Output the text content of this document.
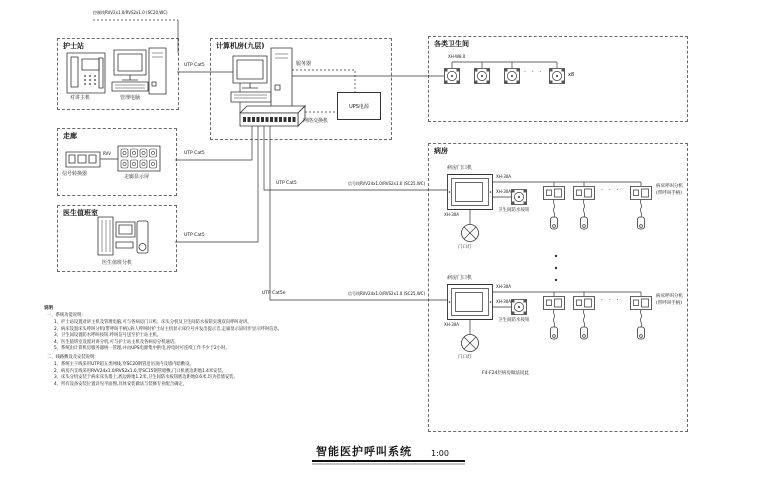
控制线RVV2x1.0/RVS2x1.0 (SC20,WC)
护士站
走廊
医生值班室
计算机房(九层)	各类卫生间
病房
对讲主机	管理电脑
信号转换器	走廊显示屏
医生值班分机
服务器
网络交换机
UPS电源
UTP Cat5
UTP Cat5
UTP Cat5
UTP Cat5	信号线RVV24x1.0/RVS2x1.0 (SC25,WC)
UTP Cat5e	信号线RVV24x1.0/RVS2x1.0 (SC25,WC)
RVV
XH-W8.0
· · ·	x8
病房门口机
XH-30A
XH-30A
XH-30A
卫生间防水按钮
门口灯
· · ·
病床呼叫分机
(带呼叫手柄)
病房门口机
XH-30A
XH-30A
XH-30A
卫生间防水按钮
门口灯
· · ·
病床呼叫分机
(带呼叫手柄)
F4-F24层病房做法同此
说明
一、系统功能说明:
1、护士站设置对讲主机及管理电脑,可与各病房门口机、床头分机及卫生间防水按钮实现双向呼叫对讲。
2、病床设置床头呼叫分机(带呼叫手柄),病人呼叫时护士站主机显示床位号并发出提示音,走廊显示屏同步显示呼叫信息。
3、卫生间设置防水呼叫按钮,呼叫信号送至护士站主机。
4、医生值班室设置对讲分机,可与护士站主机及各病房分机通话。
5、系统由计算机房服务器统一管理,并由UPS电源集中供电,停电时可连续工作不少于2小时。
二、线路敷设及安装说明:
1、系统主干线采用UTP超五类网线,穿SC20钢管沿吊顶内及墙内暗敷设。
2、病房内支线采用RVV24x1.0/RVS2x1.0,穿SC15钢管暗敷,门口机底边距地1.4米安装。
3、床头分机安装于病床床头墙上,底边距地1.2米,卫生间防水按钮底边距地0.6米,均为挂墙安装。
4、所有设备安装位置详见平面图,具体安装做法与装修专业配合确定。
智能医护呼叫系统 1:00
